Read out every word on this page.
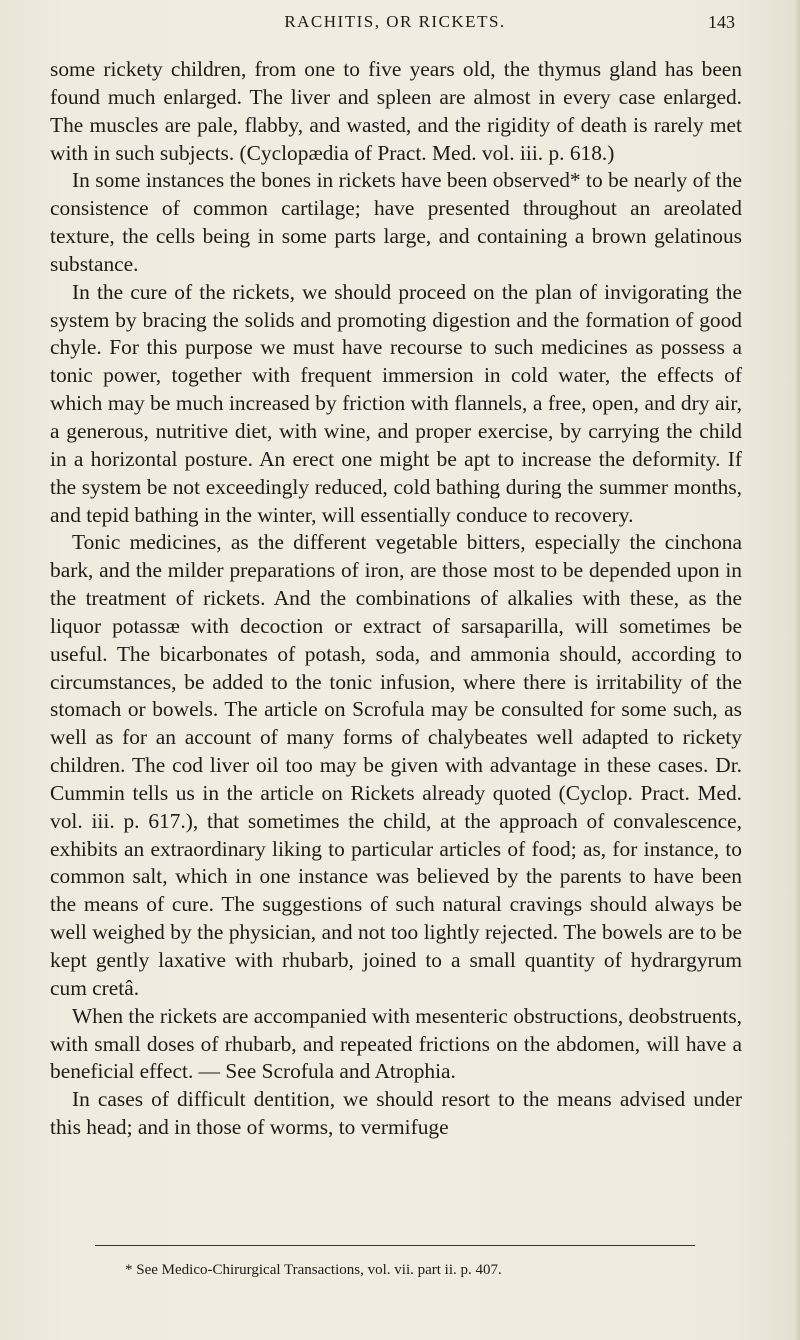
RACHITIS, OR RICKETS.	143

some rickety children, from one to five years old, the thymus gland has been found much enlarged. The liver and spleen are almost in every case enlarged. The muscles are pale, flabby, and wasted, and the rigidity of death is rarely met with in such subjects. (Cyclopædia of Pract. Med. vol. iii. p. 618.)

In some instances the bones in rickets have been observed* to be nearly of the consistence of common cartilage; have presented throughout an areolated texture, the cells being in some parts large, and containing a brown gelatinous substance.

In the cure of the rickets, we should proceed on the plan of invigorating the system by bracing the solids and promoting digestion and the formation of good chyle. For this purpose we must have recourse to such medicines as possess a tonic power, together with frequent immersion in cold water, the effects of which may be much increased by friction with flannels, a free, open, and dry air, a generous, nutritive diet, with wine, and proper exercise, by carrying the child in a horizontal posture. An erect one might be apt to increase the deformity. If the system be not exceedingly reduced, cold bathing during the summer months, and tepid bathing in the winter, will essentially conduce to recovery.

Tonic medicines, as the different vegetable bitters, especially the cinchona bark, and the milder preparations of iron, are those most to be depended upon in the treatment of rickets. And the combinations of alkalies with these, as the liquor potassæ with decoction or extract of sarsaparilla, will sometimes be useful. The bicarbonates of potash, soda, and ammonia should, according to circumstances, be added to the tonic infusion, where there is irritability of the stomach or bowels. The article on Scrofula may be consulted for some such, as well as for an account of many forms of chalybeates well adapted to rickety children. The cod liver oil too may be given with advantage in these cases. Dr. Cummin tells us in the article on Rickets already quoted (Cyclop. Pract. Med. vol. iii. p. 617.), that sometimes the child, at the approach of convalescence, exhibits an extraordinary liking to particular articles of food; as, for instance, to common salt, which in one instance was believed by the parents to have been the means of cure. The suggestions of such natural cravings should always be well weighed by the physician, and not too lightly rejected. The bowels are to be kept gently laxative with rhubarb, joined to a small quantity of hydrargyrum cum cretâ.

When the rickets are accompanied with mesenteric obstructions, deobstruents, with small doses of rhubarb, and repeated frictions on the abdomen, will have a beneficial effect. — See Scrofula and Atrophia.

In cases of difficult dentition, we should resort to the means advised under this head; and in those of worms, to vermifuge

* See Medico-Chirurgical Transactions, vol. vii. part ii. p. 407.
